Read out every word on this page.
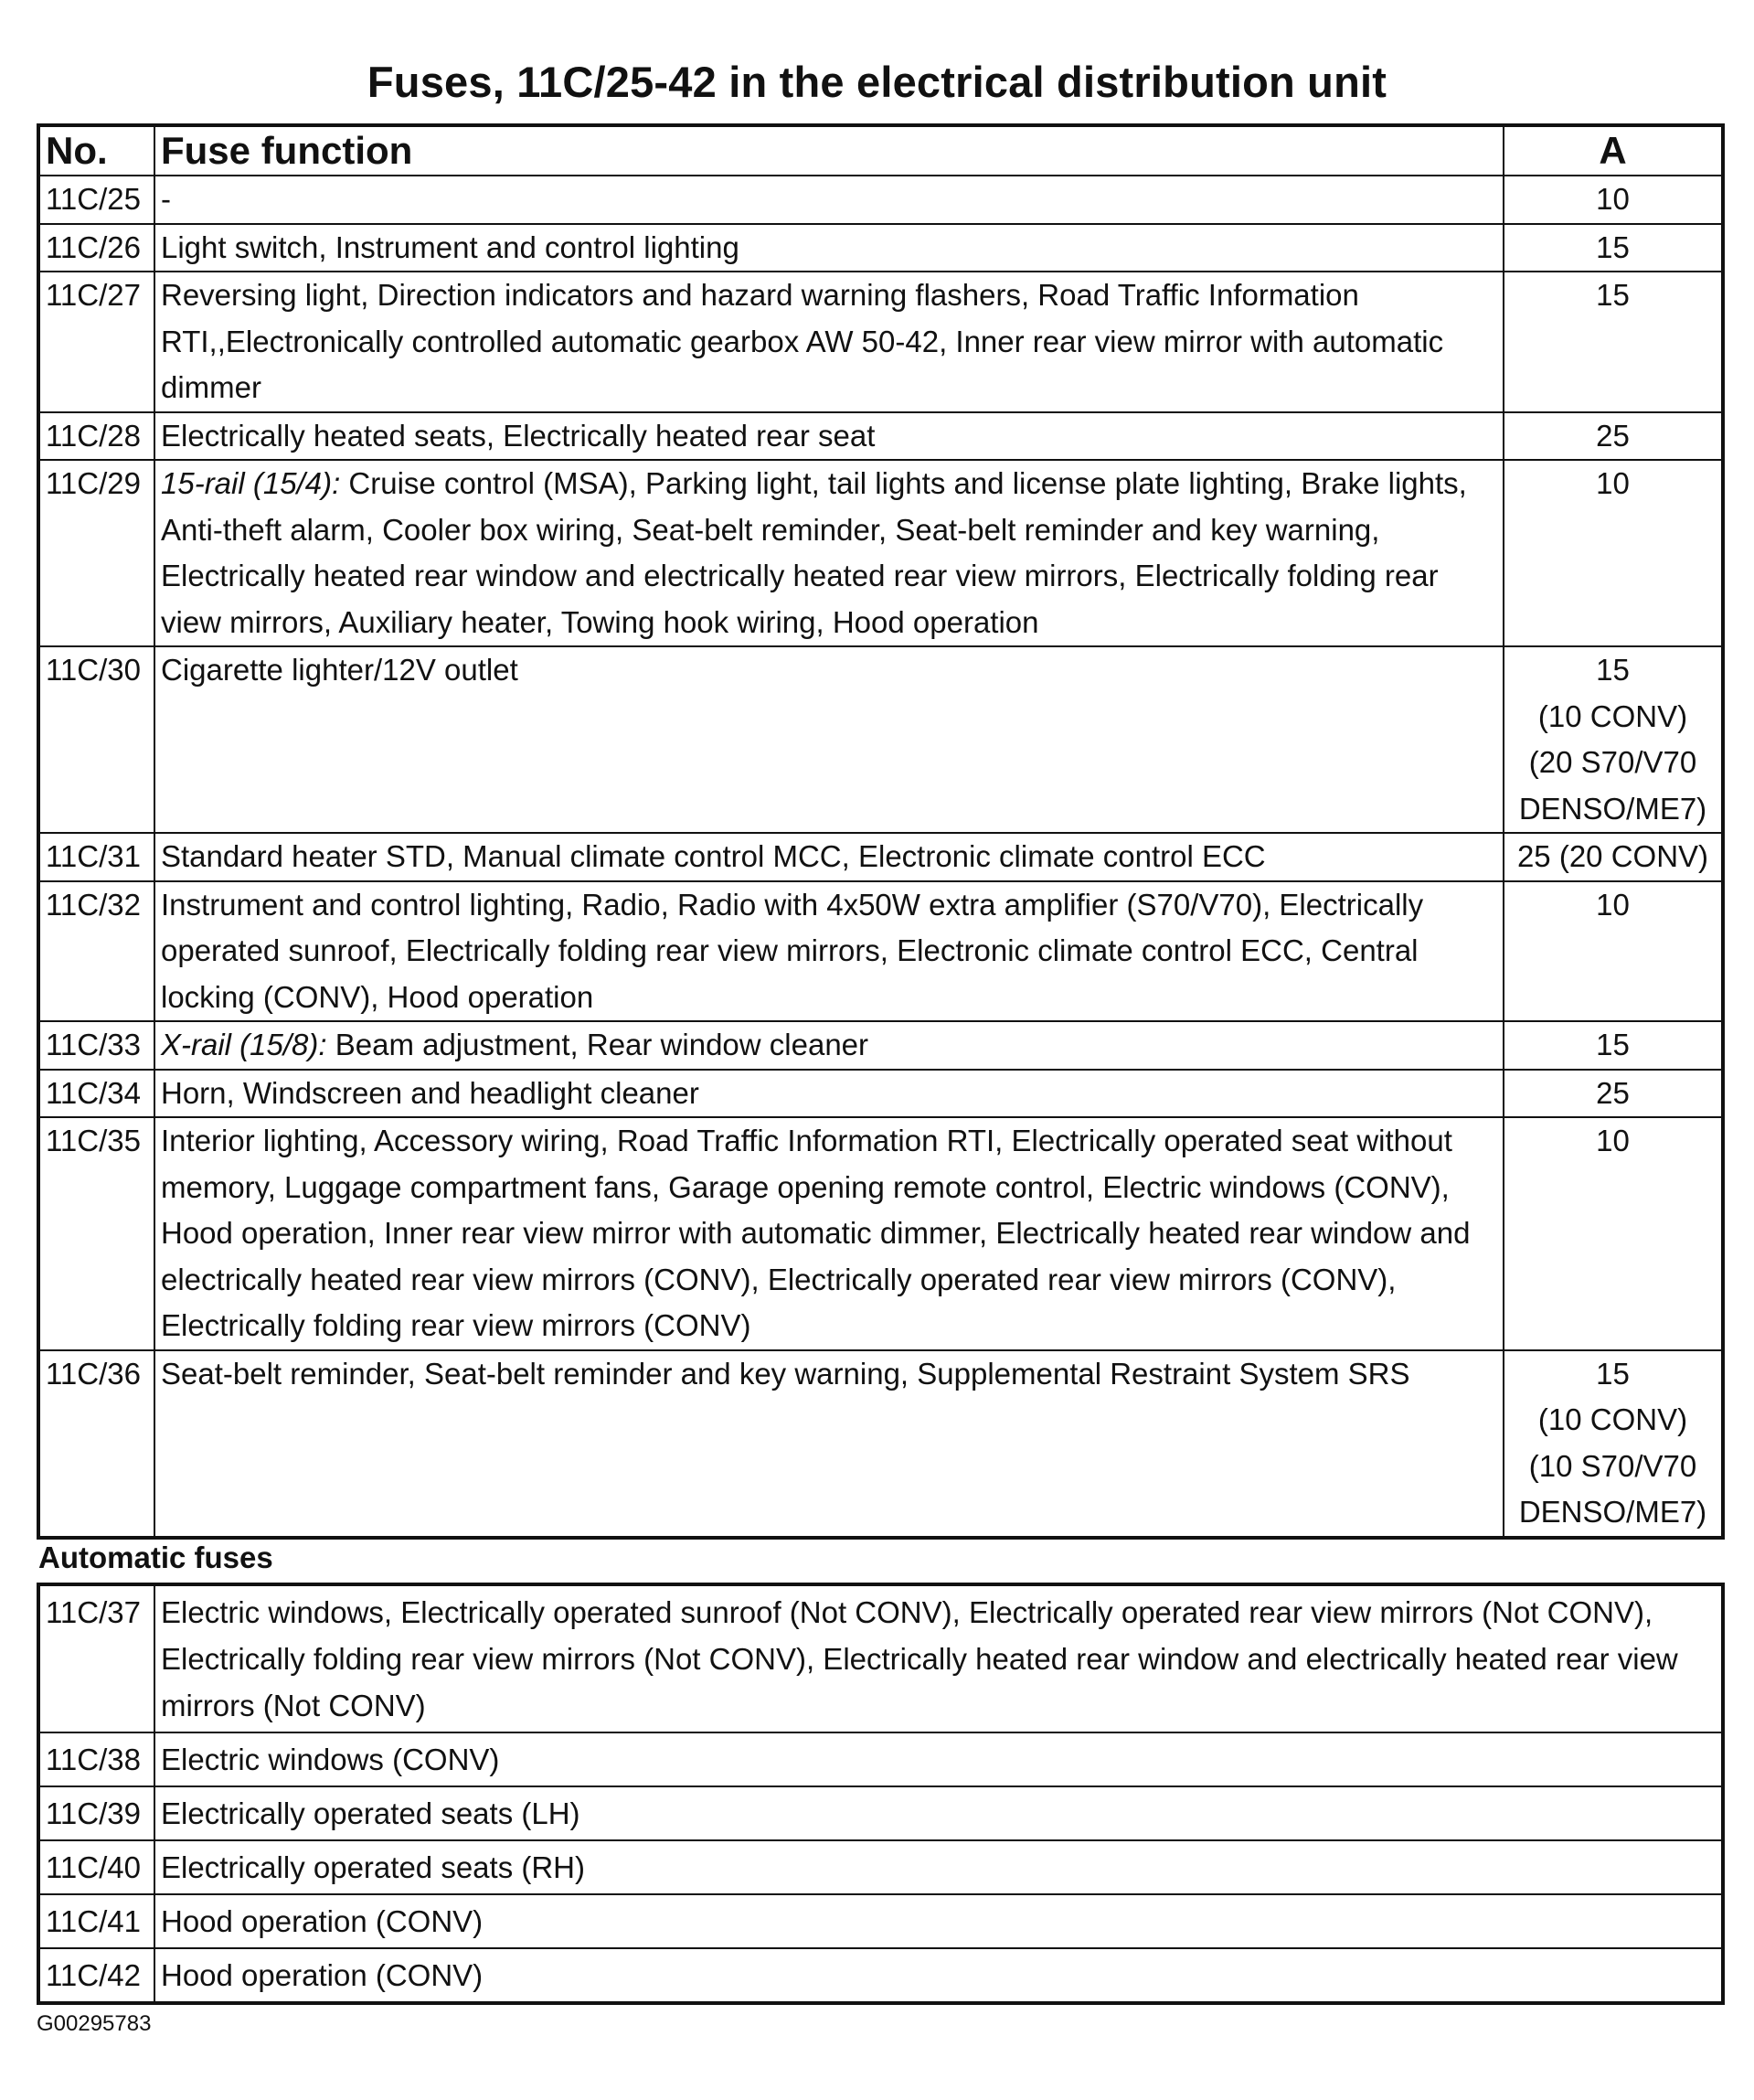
Fuses, 11C/25-42 in the electrical distribution unit
No.	Fuse function	A
11C/25	-	10

11C/26	Light switch, Instrument and control lighting	15

11C/27	Reversing light, Direction indicators and hazard warning flashers, Road Traffic Information RTI,,Electronically controlled automatic gearbox AW 50-42, Inner rear view mirror with automatic dimmer	15

11C/28	Electrically heated seats, Electrically heated rear seat	25

11C/29	15-rail (15/4): Cruise control (MSA), Parking light, tail lights and license plate lighting, Brake lights, Anti-theft alarm, Cooler box wiring, Seat-belt reminder, Seat-belt reminder and key warning, Electrically heated rear window and electrically heated rear view mirrors, Electrically folding rear view mirrors, Auxiliary heater, Towing hook wiring, Hood operation	10

11C/30	Cigarette lighter/12V outlet	15
(10 CONV)
(20 S70/V70
DENSO/ME7)

11C/31	Standard heater STD, Manual climate control MCC, Electronic climate control ECC	25 (20 CONV)

11C/32	Instrument and control lighting, Radio, Radio with 4x50W extra amplifier (S70/V70), Electrically operated sunroof, Electrically folding rear view mirrors, Electronic climate control ECC, Central locking (CONV), Hood operation	10

11C/33	X-rail (15/8): Beam adjustment, Rear window cleaner	15

11C/34	Horn, Windscreen and headlight cleaner	25

11C/35	Interior lighting, Accessory wiring, Road Traffic Information RTI, Electrically operated seat without memory, Luggage compartment fans, Garage opening remote control, Electric windows (CONV), Hood operation, Inner rear view mirror with automatic dimmer, Electrically heated rear window and electrically heated rear view mirrors (CONV), Electrically operated rear view mirrors (CONV), Electrically folding rear view mirrors (CONV)	10

11C/36	Seat-belt reminder, Seat-belt reminder and key warning, Supplemental Restraint System SRS	15
(10 CONV)
(10 S70/V70
DENSO/ME7)
Automatic fuses
11C/37	Electric windows, Electrically operated sunroof (Not CONV), Electrically operated rear view mirrors (Not CONV), Electrically folding rear view mirrors (Not CONV), Electrically heated rear window and electrically heated rear view mirrors (Not CONV)
11C/38	Electric windows (CONV)
11C/39	Electrically operated seats (LH)
11C/40	Electrically operated seats (RH)
11C/41	Hood operation (CONV)
11C/42	Hood operation (CONV)
G00295783
